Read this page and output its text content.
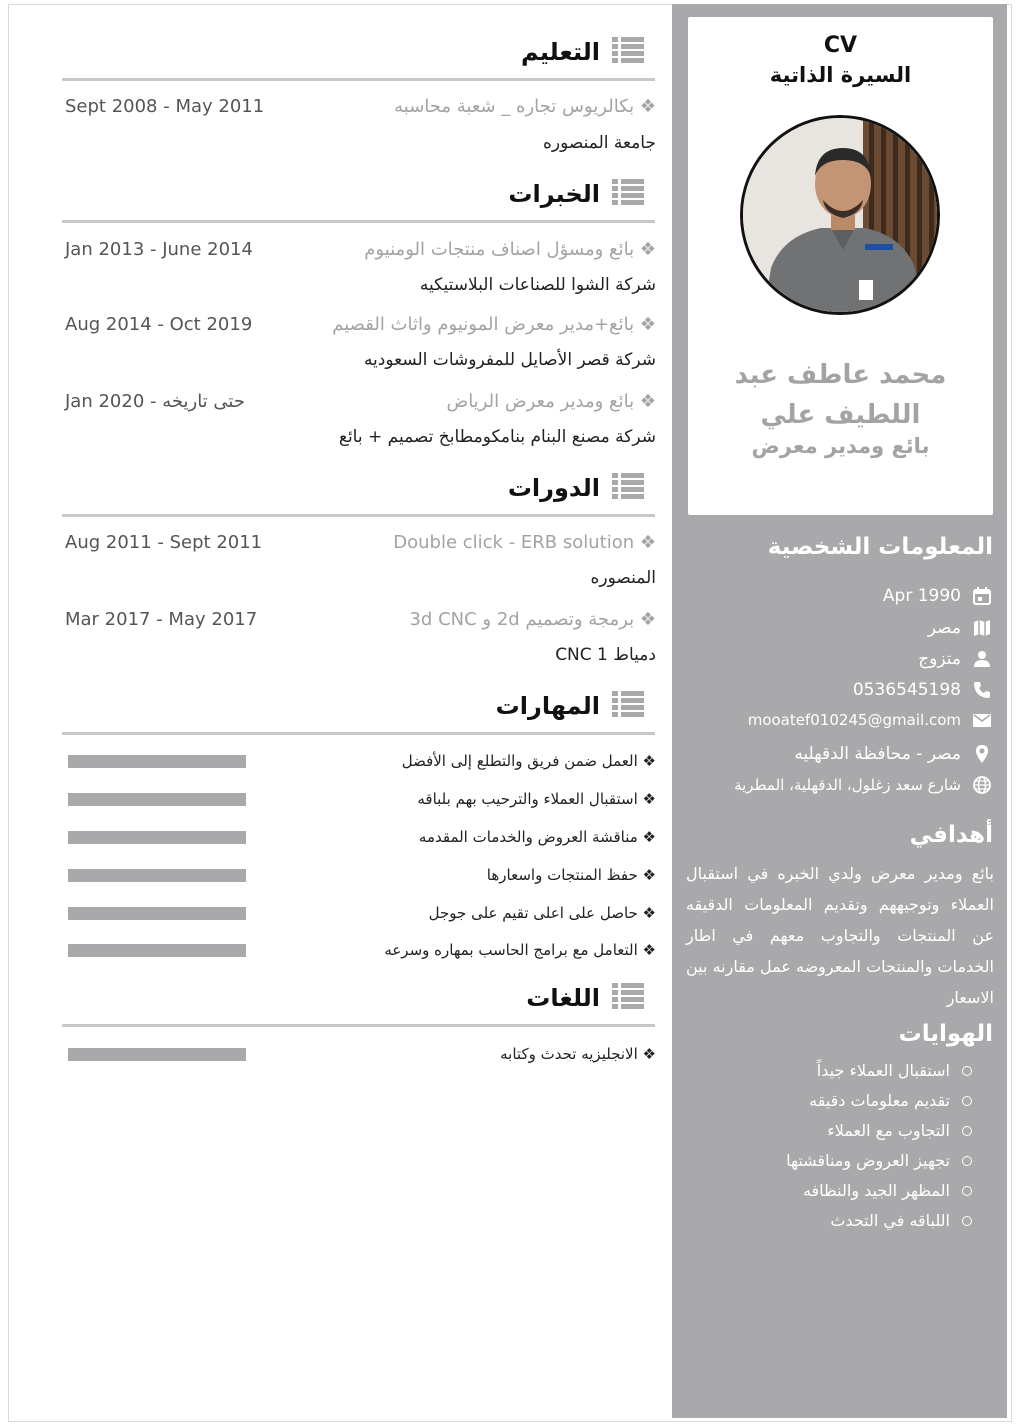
CV
السيرة الذاتية
محمد عاطف عبد اللطيف علي
بائع ومدير معرض
المعلومات الشخصية
Apr 1990
مصر
متزوج
0536545198
mooatef010245@gmail.com
مصر - محافظة الدقهليه
شارع سعد زغلول، الدقهلية، المطرية
أهدافي
بائع ومدير معرض ولدي الخبره في استقبال العملاء وتوجيههم وتقديم المعلومات الدقيقه عن المنتجات والتجاوب معهم في اطار الخدمات والمنتجات المعروضه عمل مقارنه بين الاسعار
الهوايات
استقبال العملاء جيداً
تقديم معلومات دقيقه
التجاوب مع العملاء
تجهيز العروض ومناقشتها
المظهر الجيد والنظافه
اللباقه في التحدث
التعليم
❖ بكالريوس تجاره _ شعبة محاسبه
Sept 2008 - May 2011
جامعة المنصوره
الخبرات
❖ بائع ومسؤل اصناف منتجات الومنيوم
Jan 2013 - June 2014
شركة الشوا للصناعات البلاستيكيه
❖ بائع+مدير معرض المونيوم واثاث القصيم
Aug 2014 - Oct 2019
شركة قصر الأصايل للمفروشات السعوديه
❖ بائع ومدير معرض الرياض
Jan 2020 - حتى تاريخه
شركة مصنع البنام بنامكومطابخ تصميم + بائع
الدورات
❖ Double click - ERB solution
Aug 2011 - Sept 2011
المنصوره
❖ برمجة وتصميم 2d و 3d CNC
Mar 2017 - May 2017
دمياط CNC 1
المهارات
❖ العمل ضمن فريق والتطلع إلى الأفضل
❖ استقبال العملاء والترحيب بهم بلباقه
❖ مناقشة العروض والخدمات المقدمه
❖ حفظ المنتجات واسعارها
❖ حاصل على اعلى تقيم على جوجل
❖ التعامل مع برامج الحاسب بمهاره وسرعه
اللغات
❖ الانجليزيه تحدث وكتابه
